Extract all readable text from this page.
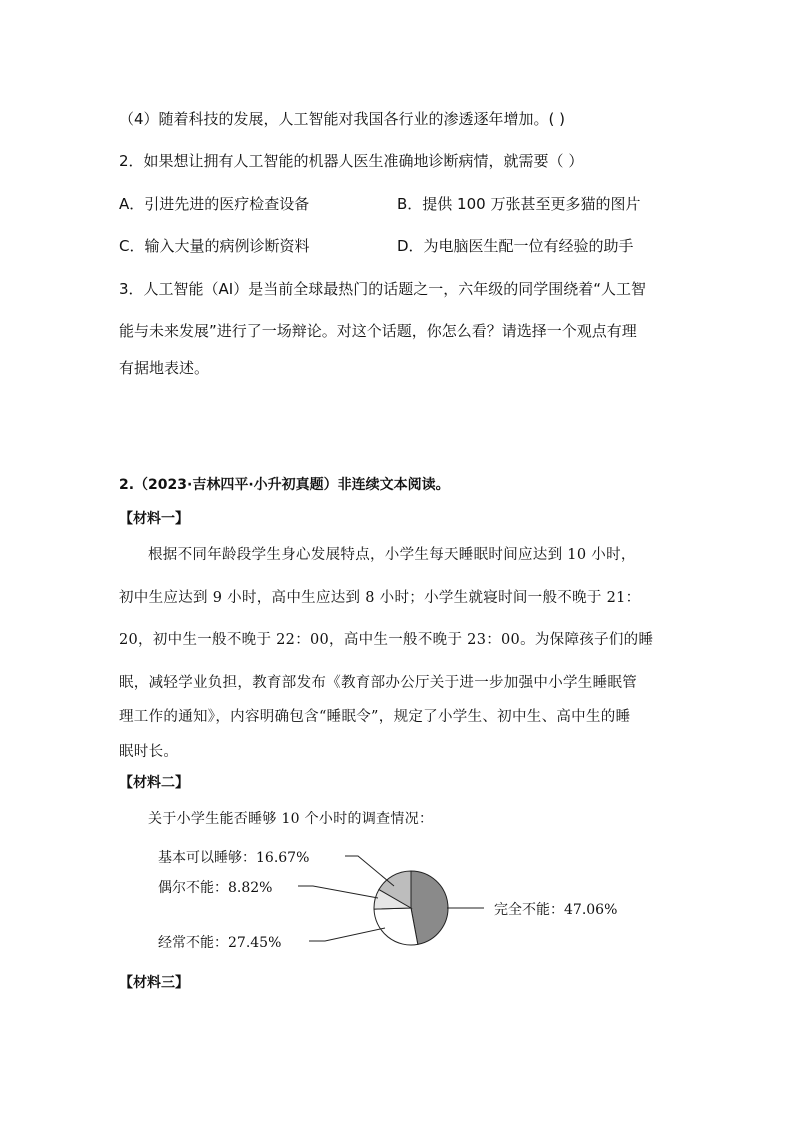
（4）随着科技的发展，人工智能对我国各行业的渗透逐年增加。( )
2．如果想让拥有人工智能的机器人医生准确地诊断病情，就需要（ ）
A．引进先进的医疗检查设备	B．提供 100 万张甚至更多猫的图片
C．输入大量的病例诊断资料	D．为电脑医生配一位有经验的助手
3．人工智能（AI）是当前全球最热门的话题之一，六年级的同学围绕着“人工智
能与未来发展”进行了一场辩论。对这个话题，你怎么看？请选择一个观点有理
有据地表述。
2.（2023·吉林四平·小升初真题）非连续文本阅读。
【材料一】
根据不同年龄段学生身心发展特点，小学生每天睡眠时间应达到 10 小时，
初中生应达到 9 小时，高中生应达到 8 小时；小学生就寝时间一般不晚于 21：
20，初中生一般不晚于 22：00，高中生一般不晚于 23：00。为保障孩子们的睡
眠，减轻学业负担，教育部发布《教育部办公厅关于进一步加强中小学生睡眠管
理工作的通知》，内容明确包含“睡眠令”，规定了小学生、初中生、高中生的睡
眠时长。
【材料二】
关于小学生能否睡够 10 个小时的调查情况：
基本可以睡够：16.67%
偶尔不能：8.82%
经常不能：27.45%
完全不能：47.06%
【材料三】
